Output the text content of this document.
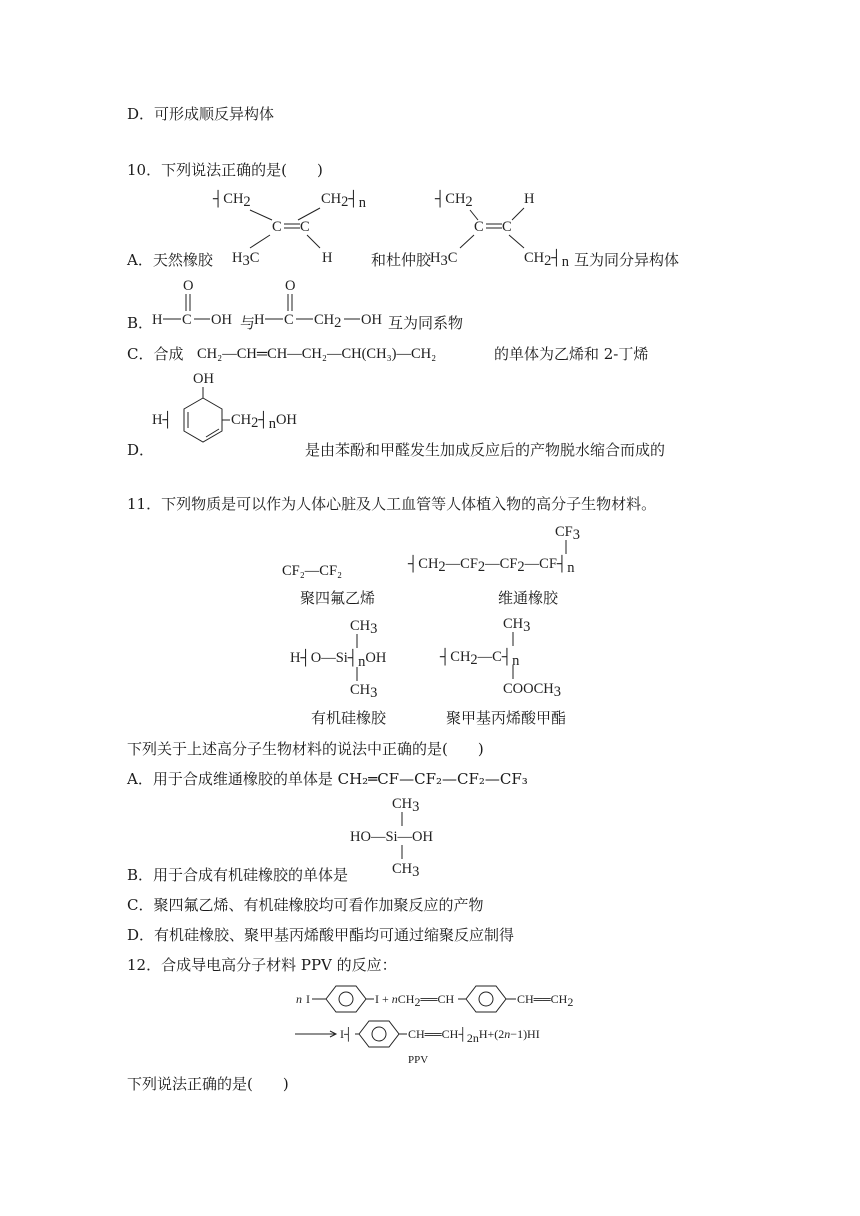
D．可形成顺反异构体
10．下列说法正确的是(　　)
A．天然橡胶
┤CH2	CH2┤n
C C
H3C	H	和杜仲胶
┤CH2	H
C C
H3C	CH2┤n 互为同分异构体
B．
O
H C OH 与
O
H C CH2 OH 互为同系物
C．合成 CH₂—CH═CH—CH₂—CH(CH₃)—CH₂	的单体为乙烯和 2-丁烯
D．
OH
H┤	CH2┤nOH
是由苯酚和甲醛发生加成反应后的产物脱水缩合而成的
11．下列物质是可以作为人体心脏及人工血管等人体植入物的高分子生物材料。
CF₂—CF₂
聚四氟乙烯
CF3
┤CH2—CF2—CF2—CF┤n
维通橡胶
CH3
H┤O—Si┤nOH
CH3
有机硅橡胶
CH3
┤CH2—C┤n
COOCH3
聚甲基丙烯酸甲酯
下列关于上述高分子生物材料的说法中正确的是(　　)
A．用于合成维通橡胶的单体是 CH₂═CF—CF₂—CF₂—CF₃
CH3
HO—Si—OH
CH3
B．用于合成有机硅橡胶的单体是
C．聚四氟乙烯、有机硅橡胶均可看作加聚反应的产物
D．有机硅橡胶、聚甲基丙烯酸甲酯均可通过缩聚反应制得
12．合成导电高分子材料 PPV 的反应：
n I	I + nCH2══CH	CH══CH2
I┤	CH══CH┤2nH+(2n−1)HI
PPV
下列说法正确的是(　　)
